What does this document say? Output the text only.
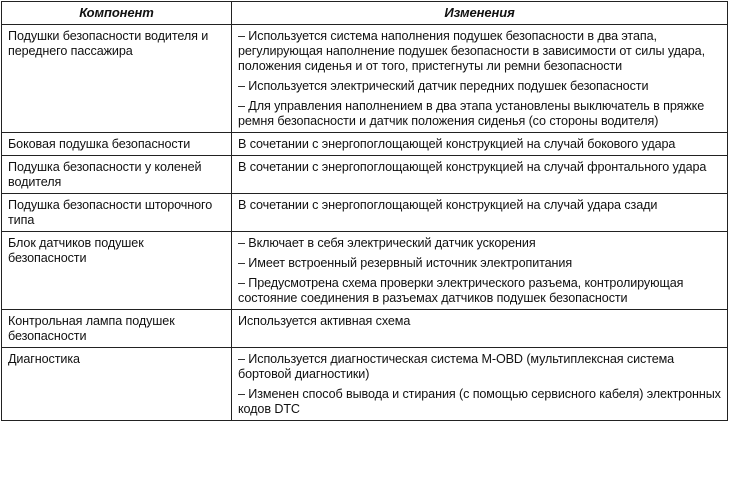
Компонент	Изменения
Подушки безопасности водителя и переднего пассажира	– Используется система наполнения подушек безопасности в два этапа, регулирующая наполнение подушек безопасности в зависимости от силы удара, положения сиденья и от того, пристегнуты ли ремни безопасности
– Используется электрический датчик передних подушек безопасности
– Для управления наполнением в два этапа установлены выключатель в пряжке ремня безопасности и датчик положения сиденья (со стороны водителя)

Боковая подушка безопасности	В сочетании с энергопоглощающей конструкцией на случай бокового удара

Подушка безопасности у коленей водителя	В сочетании с энергопоглощающей конструкцией на случай фронтального удара

Подушка безопасности шторочного типа	В сочетании с энергопоглощающей конструкцией на случай удара сзади

Блок датчиков подушек безопасности	– Включает в себя электрический датчик ускорения
– Имеет встроенный резервный источник электропитания
– Предусмотрена схема проверки электрического разъема, контролирующая состояние соединения в разъемах датчиков подушек безопасности

Контрольная лампа подушек безопасности	Используется активная схема

Диагностика	– Используется диагностическая система M-OBD (мультиплексная система бортовой диагностики)
– Изменен способ вывода и стирания (с помощью сервисного кабеля) электронных кодов DTC
